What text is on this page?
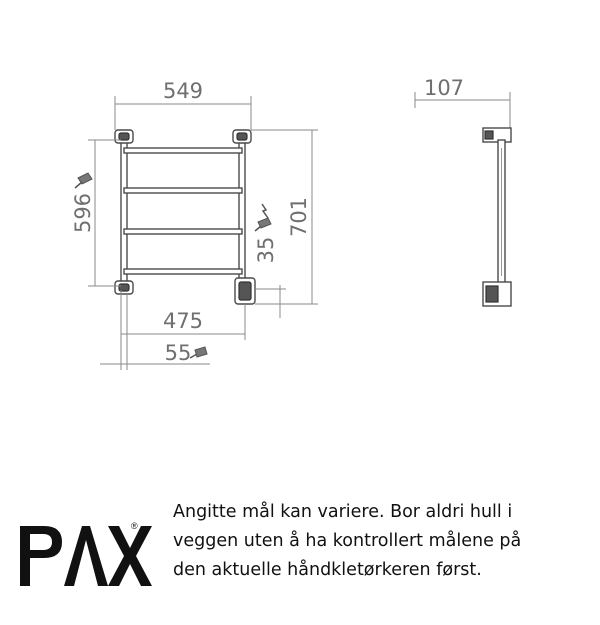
549
596	701
35
475
55
107
®
Angitte mål kan variere. Bor aldri hull i
veggen uten å ha kontrollert målene på
den aktuelle håndkletørkeren først.
